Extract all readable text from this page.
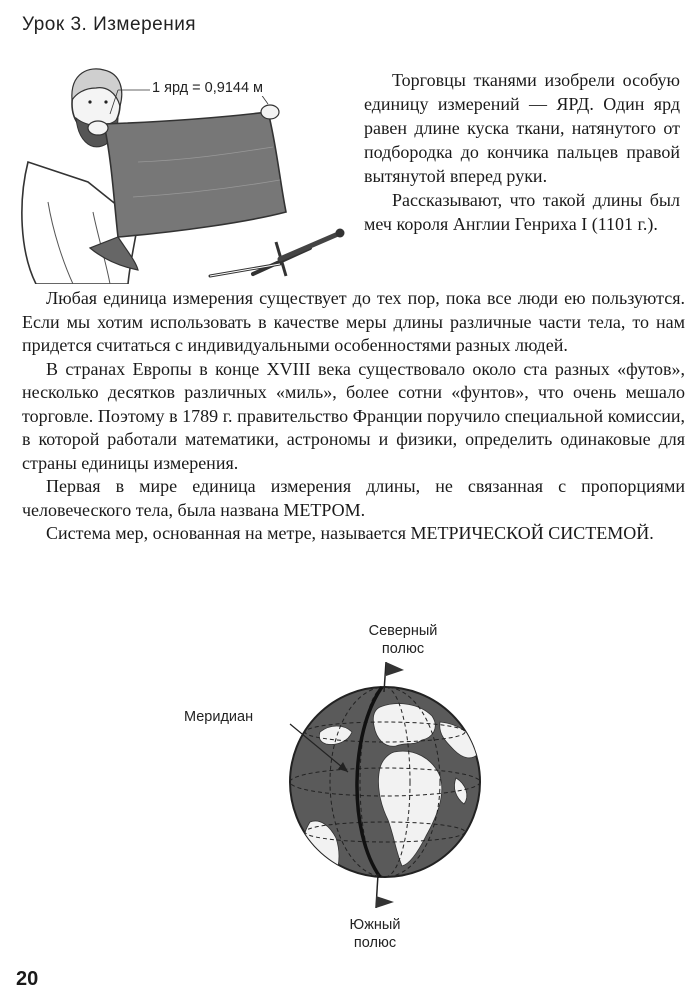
Урок 3. Измерения
1 ярд = 0,9144 м	Торговцы тканями изобрели особую единицу измерений — ЯРД. Один ярд равен длине куска ткани, натянутого от подбородка до кончика пальцев правой вытянутой вперед руки.

Рассказывают, что такой длины был меч короля Англии Генриха I (1101 г.).

Любая единица измерения существует до тех пор, пока все люди ею пользуются. Если мы хотим использовать в качестве меры длины различные части тела, то нам придется считаться с индивидуальными особенностями разных людей.

В странах Европы в конце XVIII века существовало около ста разных «футов», несколько десятков различных «миль», более сотни «фунтов», что очень мешало торговле. Поэтому в 1789 г. правительство Франции поручило специальной комиссии, в которой работали математики, астрономы и физики, определить одинаковые для страны единицы измерения.

Первая в мире единица измерения длины, не связанная с пропорциями человеческого тела, была названа МЕТРОМ.

Система мер, основанная на метре, называется МЕТРИЧЕСКОЙ СИСТЕМОЙ.

Северный
полюс
Меридиан
Южный
полюс
20
